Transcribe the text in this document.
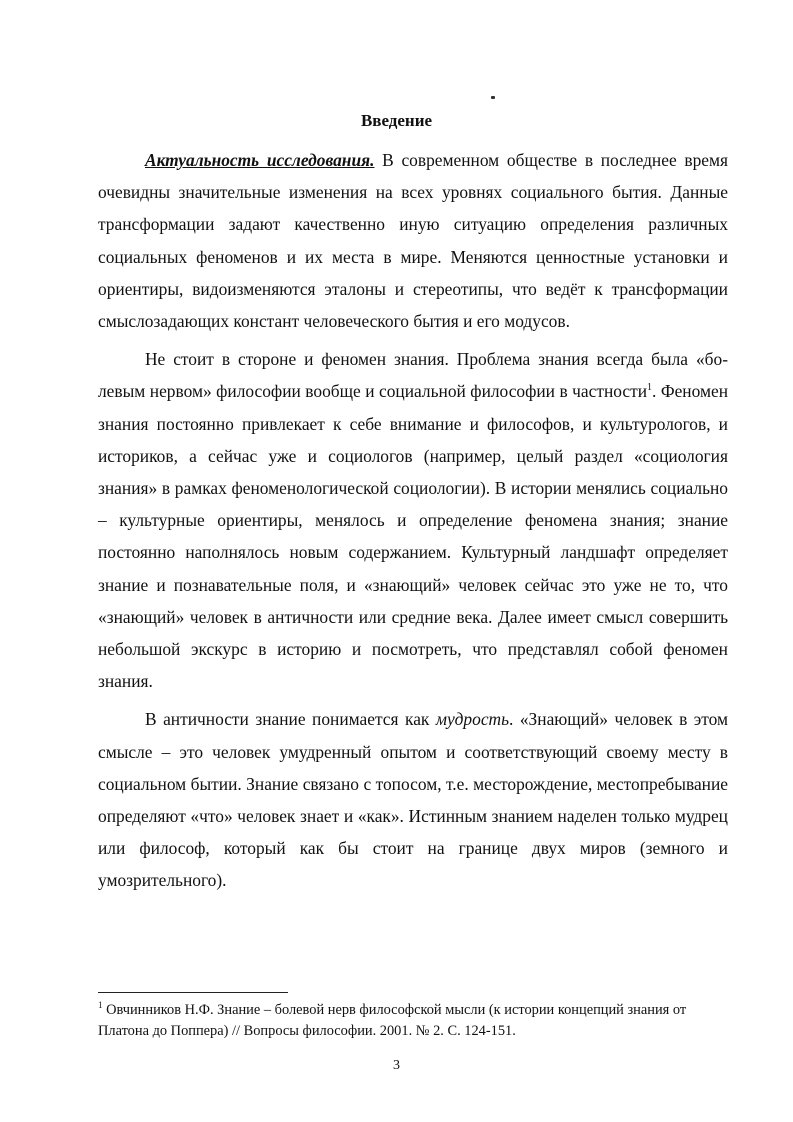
Введение

Актуальность исследования. В современном обществе в последнее время очевидны значительные изменения на всех уровнях социального бытия. Данные трансформации задают качественно иную ситуацию определения различных социальных феноменов и их места в мире. Меняются ценностные установки и ориентиры, видоизменяются эталоны и стереотипы, что ведёт к трансформации смыслозадающих констант человеческого бытия и его модусов.

Не стоит в стороне и феномен знания. Проблема знания всегда была «болевым нервом» философии вообще и социальной философии в частности$^1$. Феномен знания постоянно привлекает к себе внимание и философов, и культурологов, и историков, а сейчас уже и социологов (например, целый раздел «социология знания» в рамках феноменологической социологии). В истории менялись социально – культурные ориентиры, менялось и определение феномена знания; знание постоянно наполнялось новым содержанием. Культурный ландшафт определяет знание и познавательные поля, и «знающий» человек сейчас это уже не то, что «знающий» человек в античности или средние века. Далее имеет смысл совершить небольшой экскурс в историю и посмотреть, что представлял собой феномен знания.

В античности знание понимается как мудрость. «Знающий» человек в этом смысле – это человек умудренный опытом и соответствующий своему месту в социальном бытии. Знание связано с топосом, т.е. месторождение, местопребывание определяют «что» человек знает и «как». Истинным знанием наделен только мудрец или философ, который как бы стоит на границе двух миров (земного и умозрительного).

$^1$ Овчинников Н.Ф. Знание – болевой нерв философской мысли (к истории концепций знания от Платона до Поппера) // Вопросы философии. 2001. № 2. С. 124-151.

3
